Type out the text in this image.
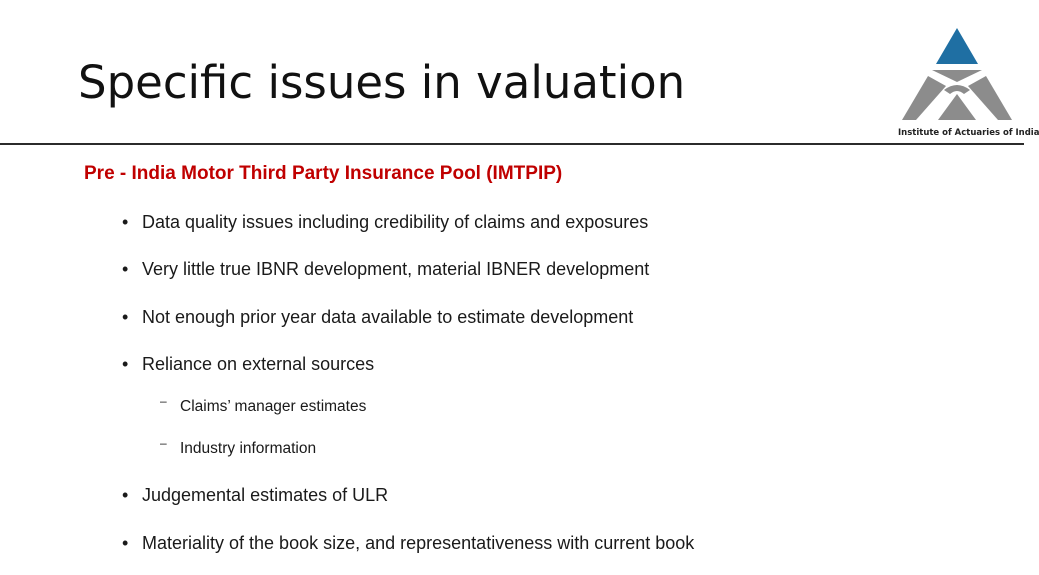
Specific issues in valuation
Institute of Actuaries of India

Pre - India Motor Third Party Insurance Pool (IMTPIP)

• Data quality issues including credibility of claims and exposures
• Very little true IBNR development, material IBNER development
• Not enough prior year data available to estimate development
• Reliance on external sources
– Claims’ manager estimates
– Industry information
• Judgemental estimates of ULR
• Materiality of the book size, and representativeness with current book
